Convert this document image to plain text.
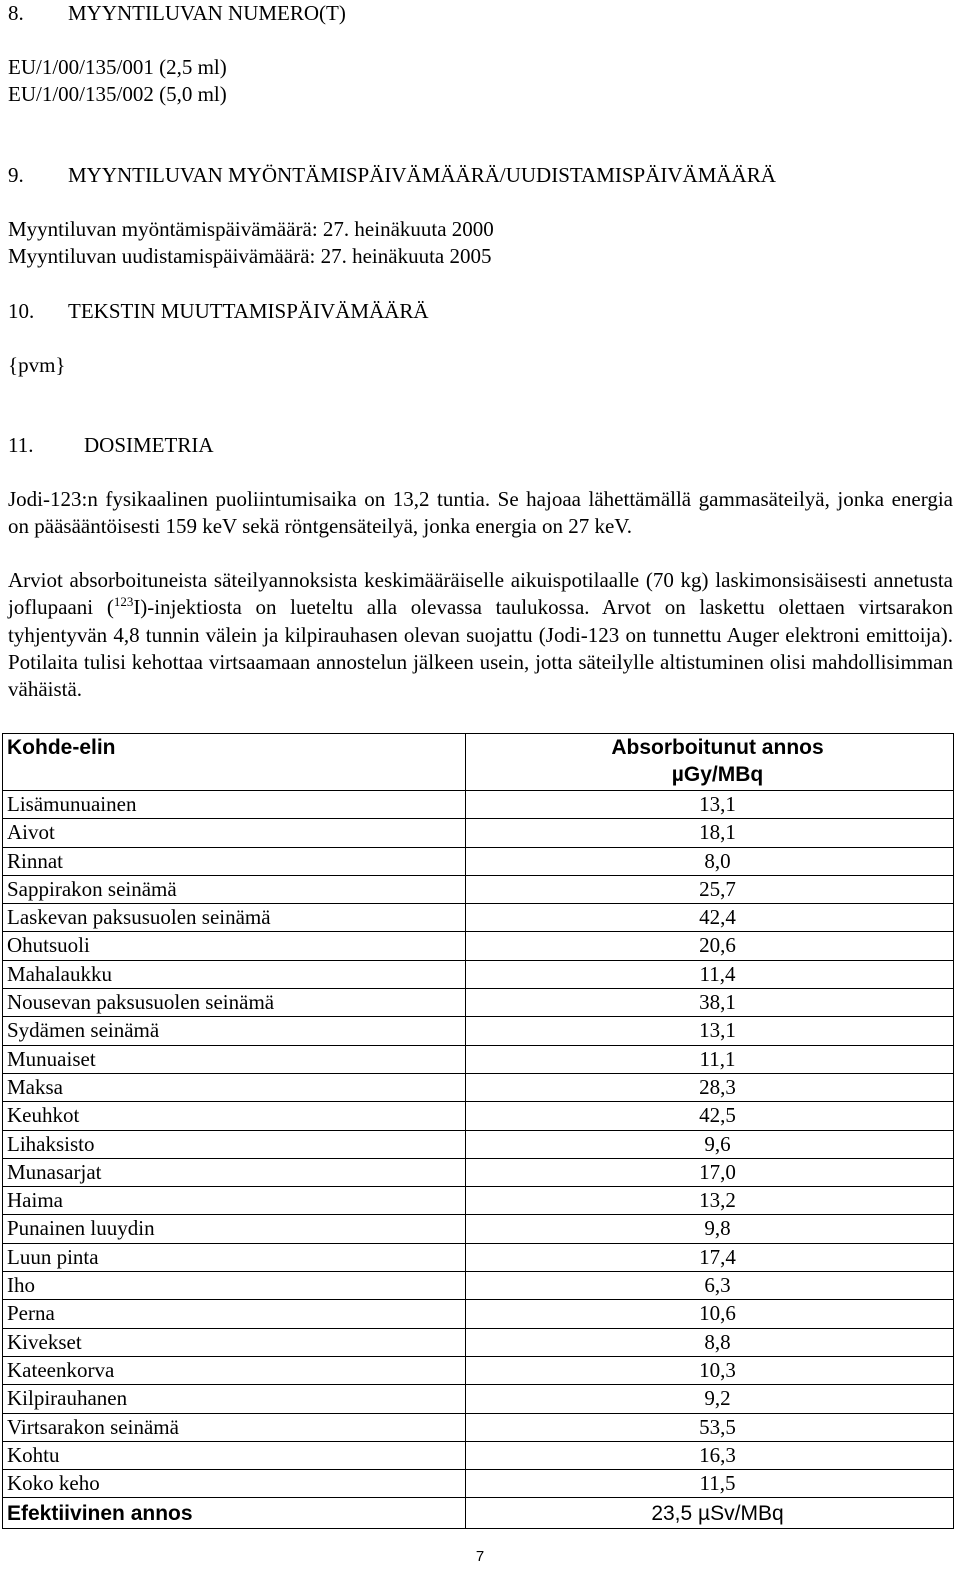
8. MYYNTILUVAN NUMERO(T)
EU/1/00/135/001 (2,5 ml)
EU/1/00/135/002 (5,0 ml)
9. MYYNTILUVAN MYÖNTÄMISPÄIVÄMÄÄRÄ/UUDISTAMISPÄIVÄMÄÄRÄ
Myyntiluvan myöntämispäivämäärä: 27. heinäkuuta 2000
Myyntiluvan uudistamispäivämäärä: 27. heinäkuuta 2005
10. TEKSTIN MUUTTAMISPÄIVÄMÄÄRÄ
{pvm}
11. DOSIMETRIA
Jodi-123:n fysikaalinen puoliintumisaika on 13,2 tuntia. Se hajoaa lähettämällä gammasäteilyä, jonka energia on pääsääntöisesti 159 keV sekä röntgensäteilyä, jonka energia on 27 keV.
Arviot absorboituneista säteilyannoksista keskimääräiselle aikuispotilaalle (70 kg) laskimonsisäisesti annetusta joflupaani ($^{123}$I)-injektiosta on lueteltu alla olevassa taulukossa. Arvot on laskettu olettaen virtsarakon tyhjentyvän 4,8 tunnin välein ja kilpirauhasen olevan suojattu (Jodi-123 on tunnettu Auger elektroni emittoija). Potilaita tulisi kehottaa virtsaamaan annostelun jälkeen usein, jotta säteilylle altistuminen olisi mahdollisimman vähäistä.
Kohde-elin	Absorboitunut annos
µGy/MBq

Lisämunuainen	13,1
Aivot	18,1
Rinnat	8,0
Sappirakon seinämä	25,7
Laskevan paksusuolen seinämä	42,4
Ohutsuoli	20,6
Mahalaukku	11,4
Nousevan paksusuolen seinämä	38,1
Sydämen seinämä	13,1
Munuaiset	11,1
Maksa	28,3
Keuhkot	42,5
Lihaksisto	9,6
Munasarjat	17,0
Haima	13,2
Punainen luuydin	9,8
Luun pinta	17,4
Iho	6,3
Perna	10,6
Kivekset	8,8
Kateenkorva	10,3
Kilpirauhanen	9,2
Virtsarakon seinämä	53,5
Kohtu	16,3
Koko keho	11,5
Efektiivinen annos	23,5 µSv/MBq
7
